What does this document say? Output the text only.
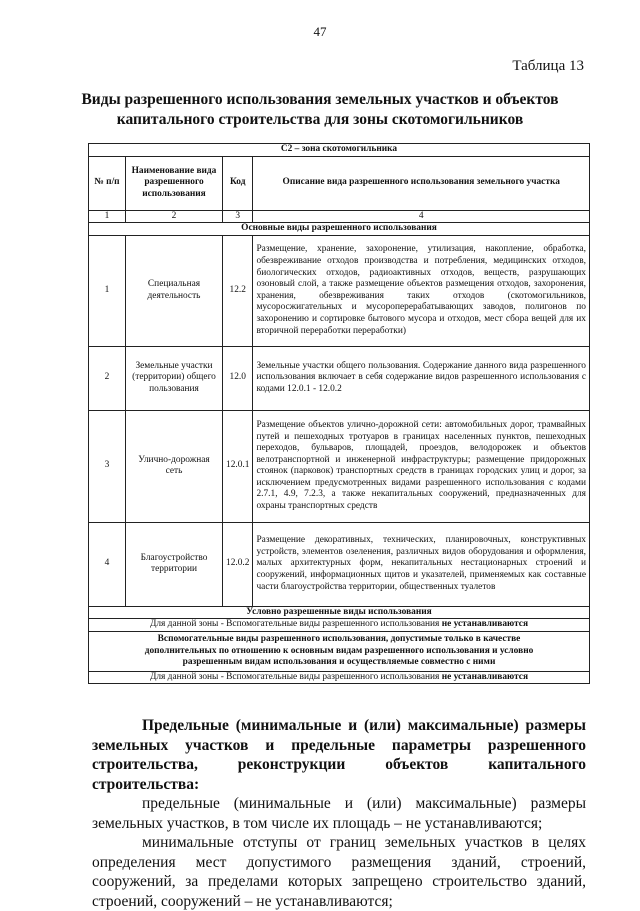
47
Таблица 13
Виды разрешенного использования земельных участков и объектов капитального строительства для зоны скотомогильников
С2 – зона скотомогильника			
№ п/п	Наименование вида разрешенного использования	Код	Описание вида разрешенного использования земельного участка
1	2	3	4
Основные виды разрешенного использования			
1	Специальная деятельность	12.2	Размещение, хранение, захоронение, утилизация, накопление, обработка, обезвреживание отходов производства и потребления, медицинских отходов, биологических отходов, радиоактивных отходов, веществ, разрушающих озоновый слой, а также размещение объектов размещения отходов, захоронения, хранения, обезвреживания таких отходов (скотомогильников, мусоросжигательных и мусороперерабатывающих заводов, полигонов по захоронению и сортировке бытового мусора и отходов, мест сбора вещей для их вторичной переработки переработки)
2	Земельные участки (территории) общего пользования	12.0	Земельные участки общего пользования. Содержание данного вида разрешенного использования включает в себя содержание видов разрешенного использования с кодами 12.0.1 - 12.0.2
3	Улично-дорожная сеть	12.0.1	Размещение объектов улично-дорожной сети: автомобильных дорог, трамвайных путей и пешеходных тротуаров в границах населенных пунктов, пешеходных переходов, бульваров, площадей, проездов, велодорожек и объектов велотранспортной и инженерной инфраструктуры; размещение придорожных стоянок (парковок) транспортных средств в границах городских улиц и дорог, за исключением предусмотренных видами разрешенного использования с кодами 2.7.1, 4.9, 7.2.3, а также некапитальных сооружений, предназначенных для охраны транспортных средств
4	Благоустройство территории	12.0.2	Размещение декоративных, технических, планировочных, конструктивных устройств, элементов озеленения, различных видов оборудования и оформления, малых архитектурных форм, некапитальных нестационарных строений и сооружений, информационных щитов и указателей, применяемых как составные части благоустройства территории, общественных туалетов
Условно разрешенные виды использования			
Для данной зоны - Вспомогательные виды разрешенного использования не устанавливаются			
Вспомогательные виды разрешенного использования, допустимые только в качестве дополнительных по отношению к основным видам разрешенного использования и условно разрешенным видам использования и осуществляемые совместно с ними			
Для данной зоны - Вспомогательные виды разрешенного использования не устанавливаются			
Предельные (минимальные и (или) максимальные) размеры земельных участков и предельные параметры разрешенного строительства, реконструкции объектов капитального строительства:
предельные (минимальные и (или) максимальные) размеры земельных участков, в том числе их площадь – не устанавливаются;
минимальные отступы от границ земельных участков в целях определения мест допустимого размещения зданий, строений, сооружений, за пределами которых запрещено строительство зданий, строений, сооружений – не устанавливаются;
